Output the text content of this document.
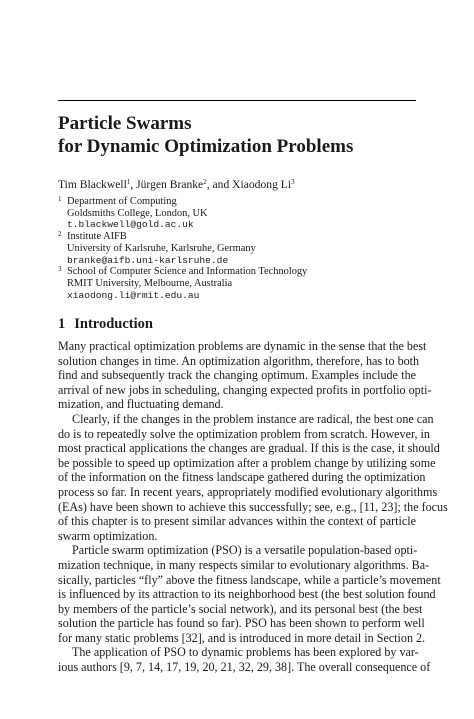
Particle Swarms
for Dynamic Optimization Problems
Tim Blackwell$^1$, Jürgen Branke$^2$, and Xiaodong Li$^3$
1 Department of Computing
Goldsmiths College, London, UK
t.blackwell@gold.ac.uk
2 Institute AIFB
University of Karlsruhe, Karlsruhe, Germany
branke@aifb.uni-karlsruhe.de
3 School of Computer Science and Information Technology
RMIT University, Melbourne, Australia
xiaodong.li@rmit.edu.au
1 Introduction
Many practical optimization problems are dynamic in the sense that the best
solution changes in time. An optimization algorithm, therefore, has to both
find and subsequently track the changing optimum. Examples include the
arrival of new jobs in scheduling, changing expected profits in portfolio opti-
mization, and fluctuating demand.
Clearly, if the changes in the problem instance are radical, the best one can
do is to repeatedly solve the optimization problem from scratch. However, in
most practical applications the changes are gradual. If this is the case, it should
be possible to speed up optimization after a problem change by utilizing some
of the information on the fitness landscape gathered during the optimization
process so far. In recent years, appropriately modified evolutionary algorithms
(EAs) have been shown to achieve this successfully; see, e.g., [11, 23]; the focus
of this chapter is to present similar advances within the context of particle
swarm optimization.
Particle swarm optimization (PSO) is a versatile population-based opti-
mization technique, in many respects similar to evolutionary algorithms. Ba-
sically, particles “fly” above the fitness landscape, while a particle’s movement
is influenced by its attraction to its neighborhood best (the best solution found
by members of the particle’s social network), and its personal best (the best
solution the particle has found so far). PSO has been shown to perform well
for many static problems [32], and is introduced in more detail in Section 2.
The application of PSO to dynamic problems has been explored by var-
ious authors [9, 7, 14, 17, 19, 20, 21, 32, 29, 38]. The overall consequence of
